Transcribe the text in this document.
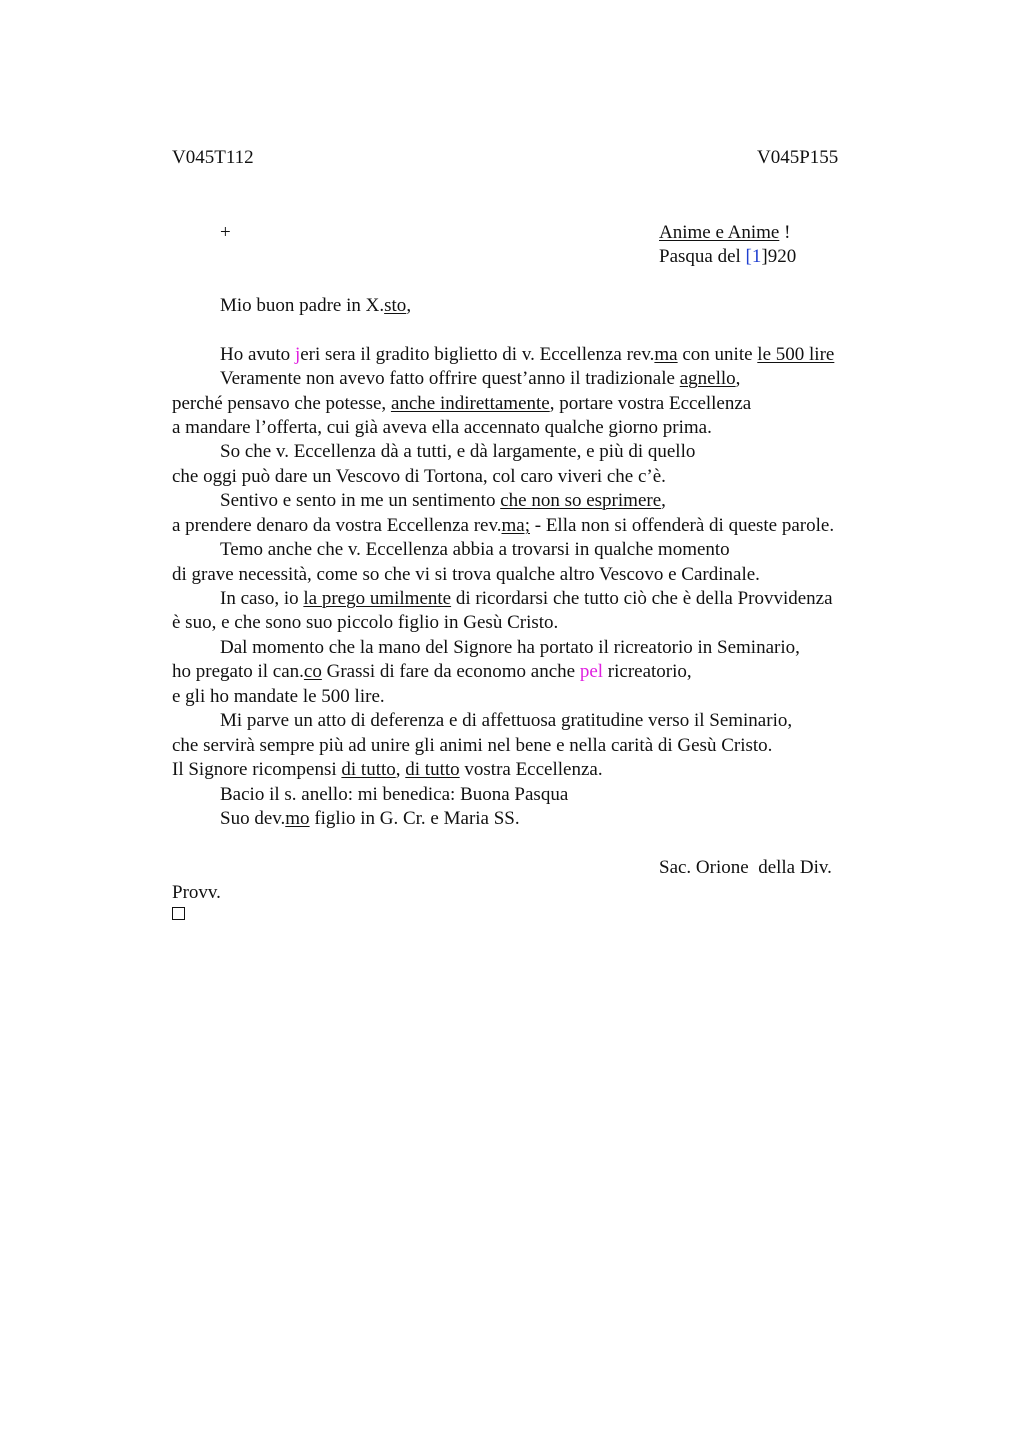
V045T112	V045P155
+	Anime e Anime !
Pasqua del [1]920
Mio buon padre in X.sto,
Ho avuto jeri sera il gradito biglietto di v. Eccellenza rev.ma con unite le 500 lire
Veramente non avevo fatto offrire quest’anno il tradizionale agnello,
perché pensavo che potesse, anche indirettamente, portare vostra Eccellenza
a mandare l’offerta, cui già aveva ella accennato qualche giorno prima.
So che v. Eccellenza dà a tutti, e dà largamente, e più di quello
che oggi può dare un Vescovo di Tortona, col caro viveri che c’è.
Sentivo e sento in me un sentimento che non so esprimere,
a prendere denaro da vostra Eccellenza rev.ma; - Ella non si offenderà di queste parole.
Temo anche che v. Eccellenza abbia a trovarsi in qualche momento
di grave necessità, come so che vi si trova qualche altro Vescovo e Cardinale.
In caso, io la prego umilmente di ricordarsi che tutto ciò che è della Provvidenza
è suo, e che sono suo piccolo figlio in Gesù Cristo.
Dal momento che la mano del Signore ha portato il ricreatorio in Seminario,
ho pregato il can.co Grassi di fare da economo anche pel ricreatorio,
e gli ho mandate le 500 lire.
Mi parve un atto di deferenza e di affettuosa gratitudine verso il Seminario,
che servirà sempre più ad unire gli animi nel bene e nella carità di Gesù Cristo.
Il Signore ricompensi di tutto, di tutto vostra Eccellenza.
Bacio il s. anello: mi benedica: Buona Pasqua
Suo dev.mo figlio in G. Cr. e Maria SS.
Sac. Orione  della Div.
Provv.
